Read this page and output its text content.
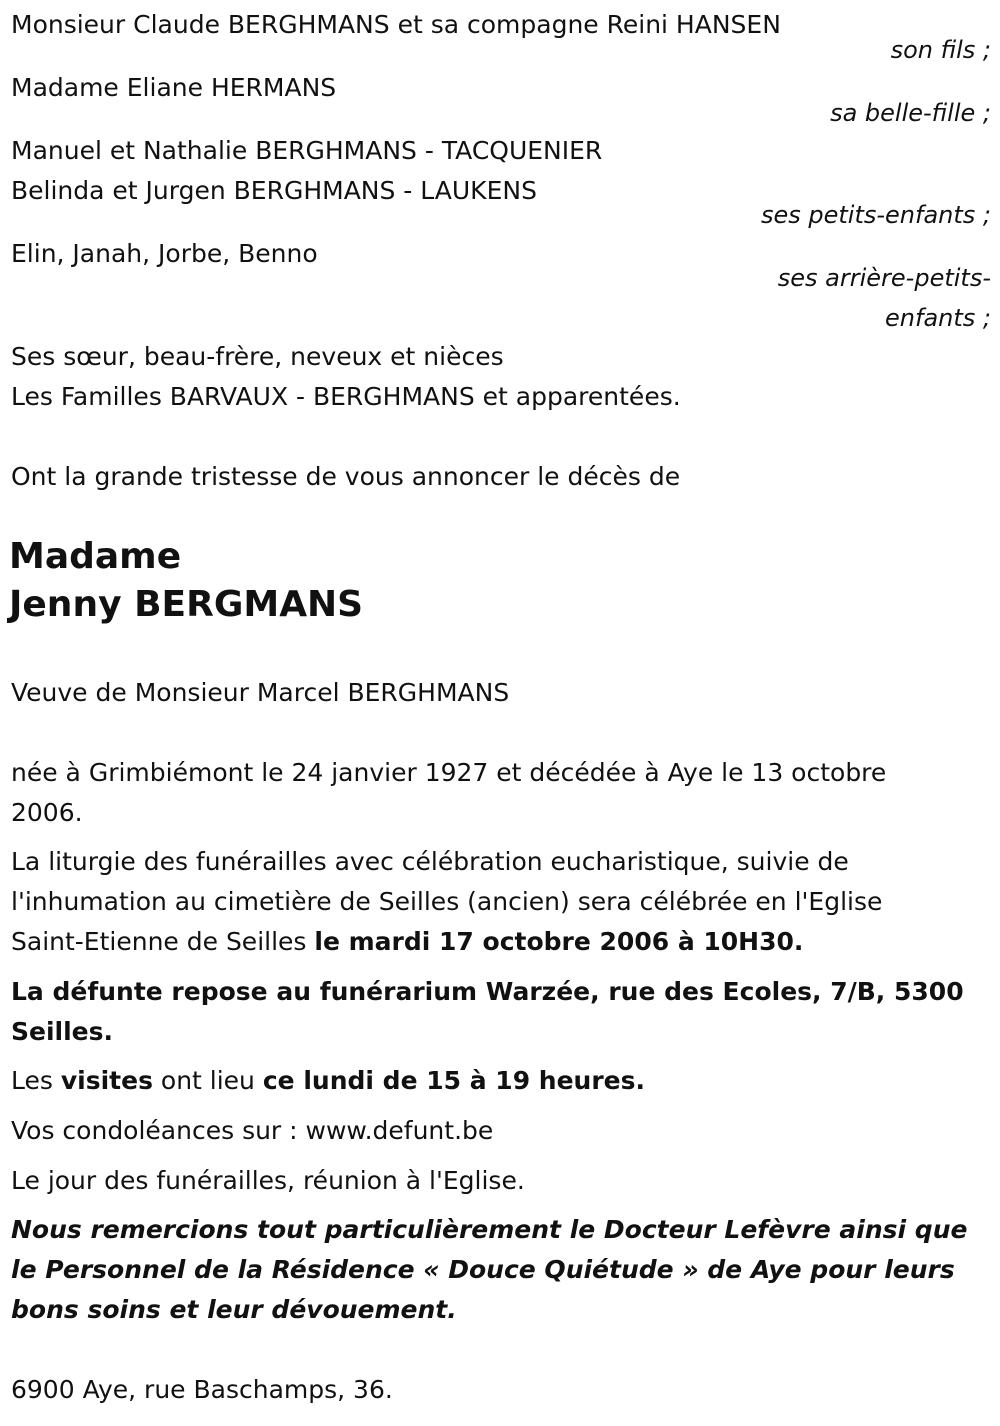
Monsieur Claude BERGHMANS et sa compagne Reini HANSEN
son fils ;
Madame Eliane HERMANS
sa belle-fille ;
Manuel et Nathalie BERGHMANS - TACQUENIER
Belinda et Jurgen BERGHMANS - LAUKENS
ses petits-enfants ;
Elin, Janah, Jorbe, Benno
ses arrière-petits-
enfants ;
Ses sœur, beau-frère, neveux et nièces
Les Familles BARVAUX - BERGHMANS et apparentées.
Ont la grande tristesse de vous annoncer le décès de
Madame
Jenny BERGMANS
Veuve de Monsieur Marcel BERGHMANS
née à Grimbiémont le 24 janvier 1927 et décédée à Aye le 13 octobre
2006.
La liturgie des funérailles avec célébration eucharistique, suivie de
l'inhumation au cimetière de Seilles (ancien) sera célébrée en l'Eglise
Saint-Etienne de Seilles le mardi 17 octobre 2006 à 10H30.
La défunte repose au funérarium Warzée, rue des Ecoles, 7/B, 5300
Seilles.
Les visites ont lieu ce lundi de 15 à 19 heures.
Vos condoléances sur : www.defunt.be
Le jour des funérailles, réunion à l'Eglise.
Nous remercions tout particulièrement le Docteur Lefèvre ainsi que
le Personnel de la Résidence « Douce Quiétude » de Aye pour leurs
bons soins et leur dévouement.
6900 Aye, rue Baschamps, 36.
